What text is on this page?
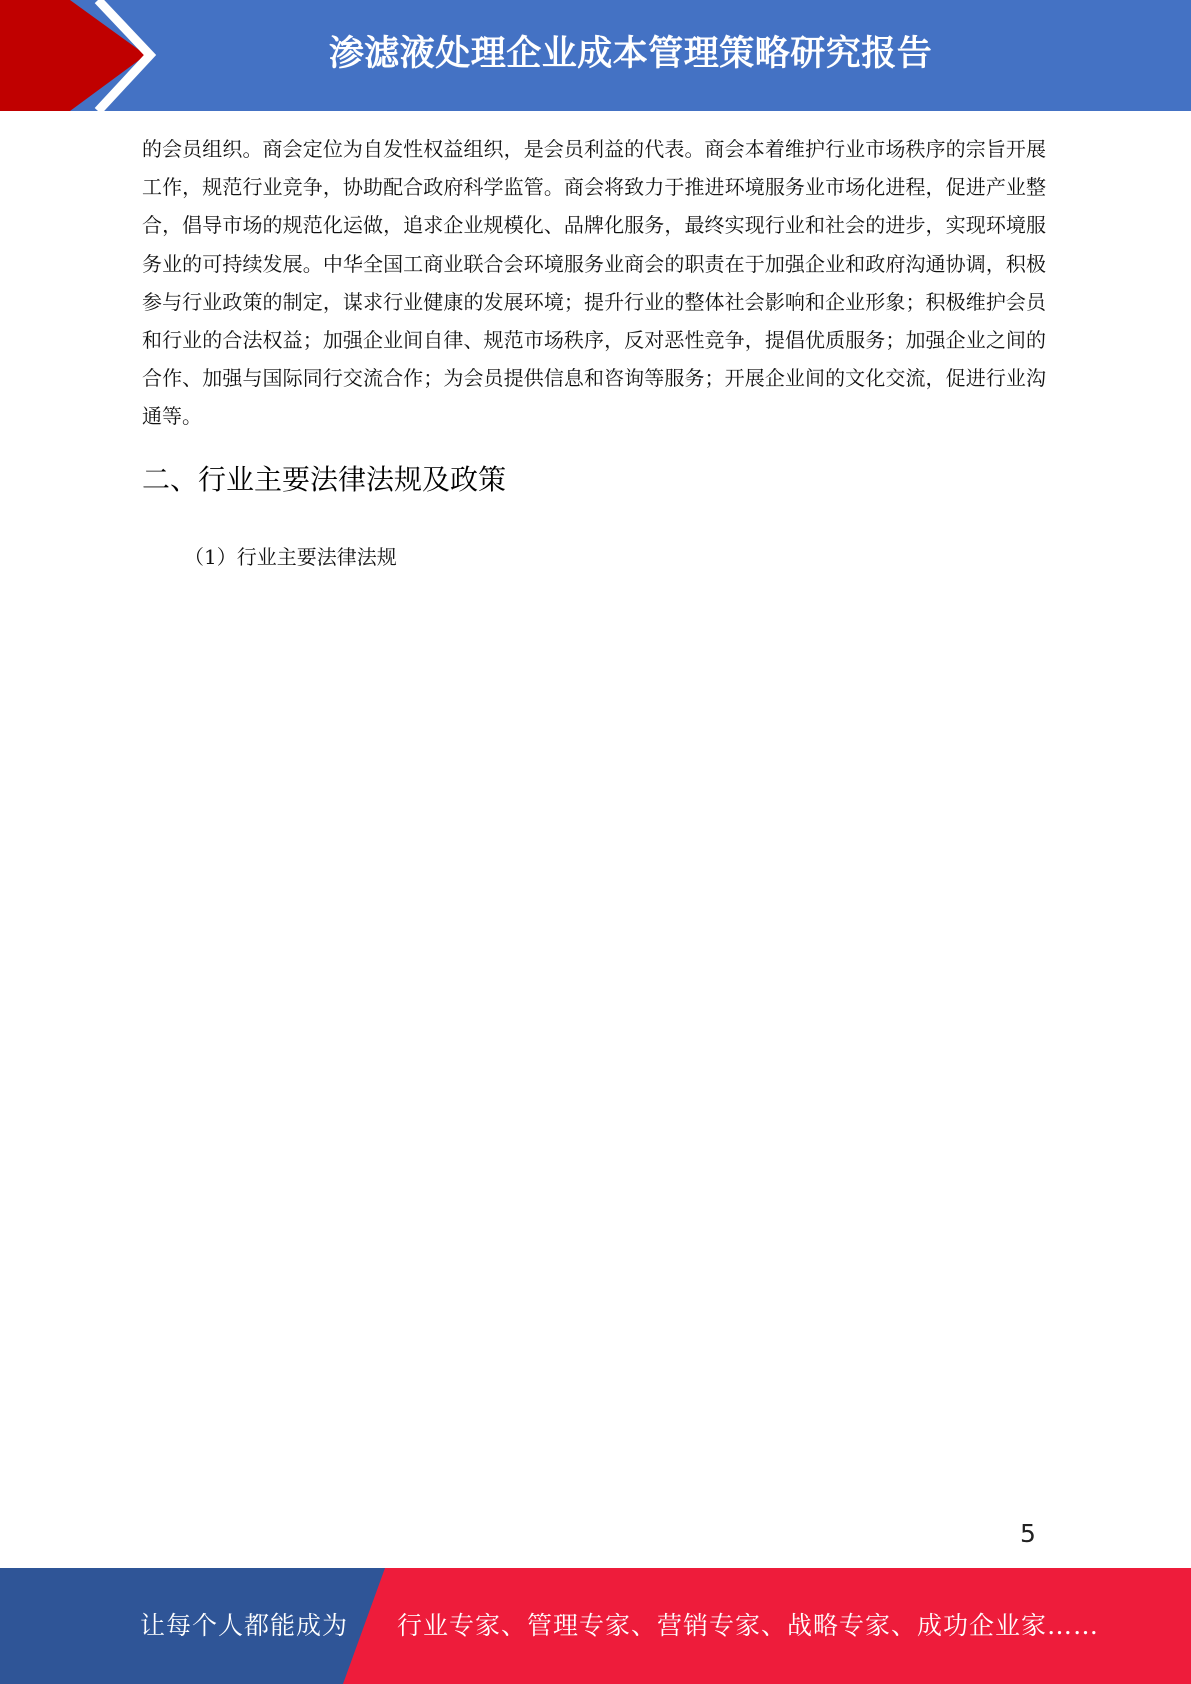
渗滤液处理企业成本管理策略研究报告

的会员组织。商会定位为自发性权益组织，是会员利益的代表。商会本着维护行业市场秩序的宗旨开展工作，规范行业竞争，协助配合政府科学监管。商会将致力于推进环境服务业市场化进程，促进产业整合，倡导市场的规范化运做，追求企业规模化、品牌化服务，最终实现行业和社会的进步，实现环境服务业的可持续发展。中华全国工商业联合会环境服务业商会的职责在于加强企业和政府沟通协调，积极参与行业政策的制定，谋求行业健康的发展环境；提升行业的整体社会影响和企业形象；积极维护会员和行业的合法权益；加强企业间自律、规范市场秩序，反对恶性竞争，提倡优质服务；加强企业之间的合作、加强与国际同行交流合作；为会员提供信息和咨询等服务；开展企业间的文化交流，促进行业沟通等。

二、行业主要法律法规及政策
（1）行业主要法律法规
5
让每个人都能成为 行业专家、管理专家、营销专家、战略专家、成功企业家……
